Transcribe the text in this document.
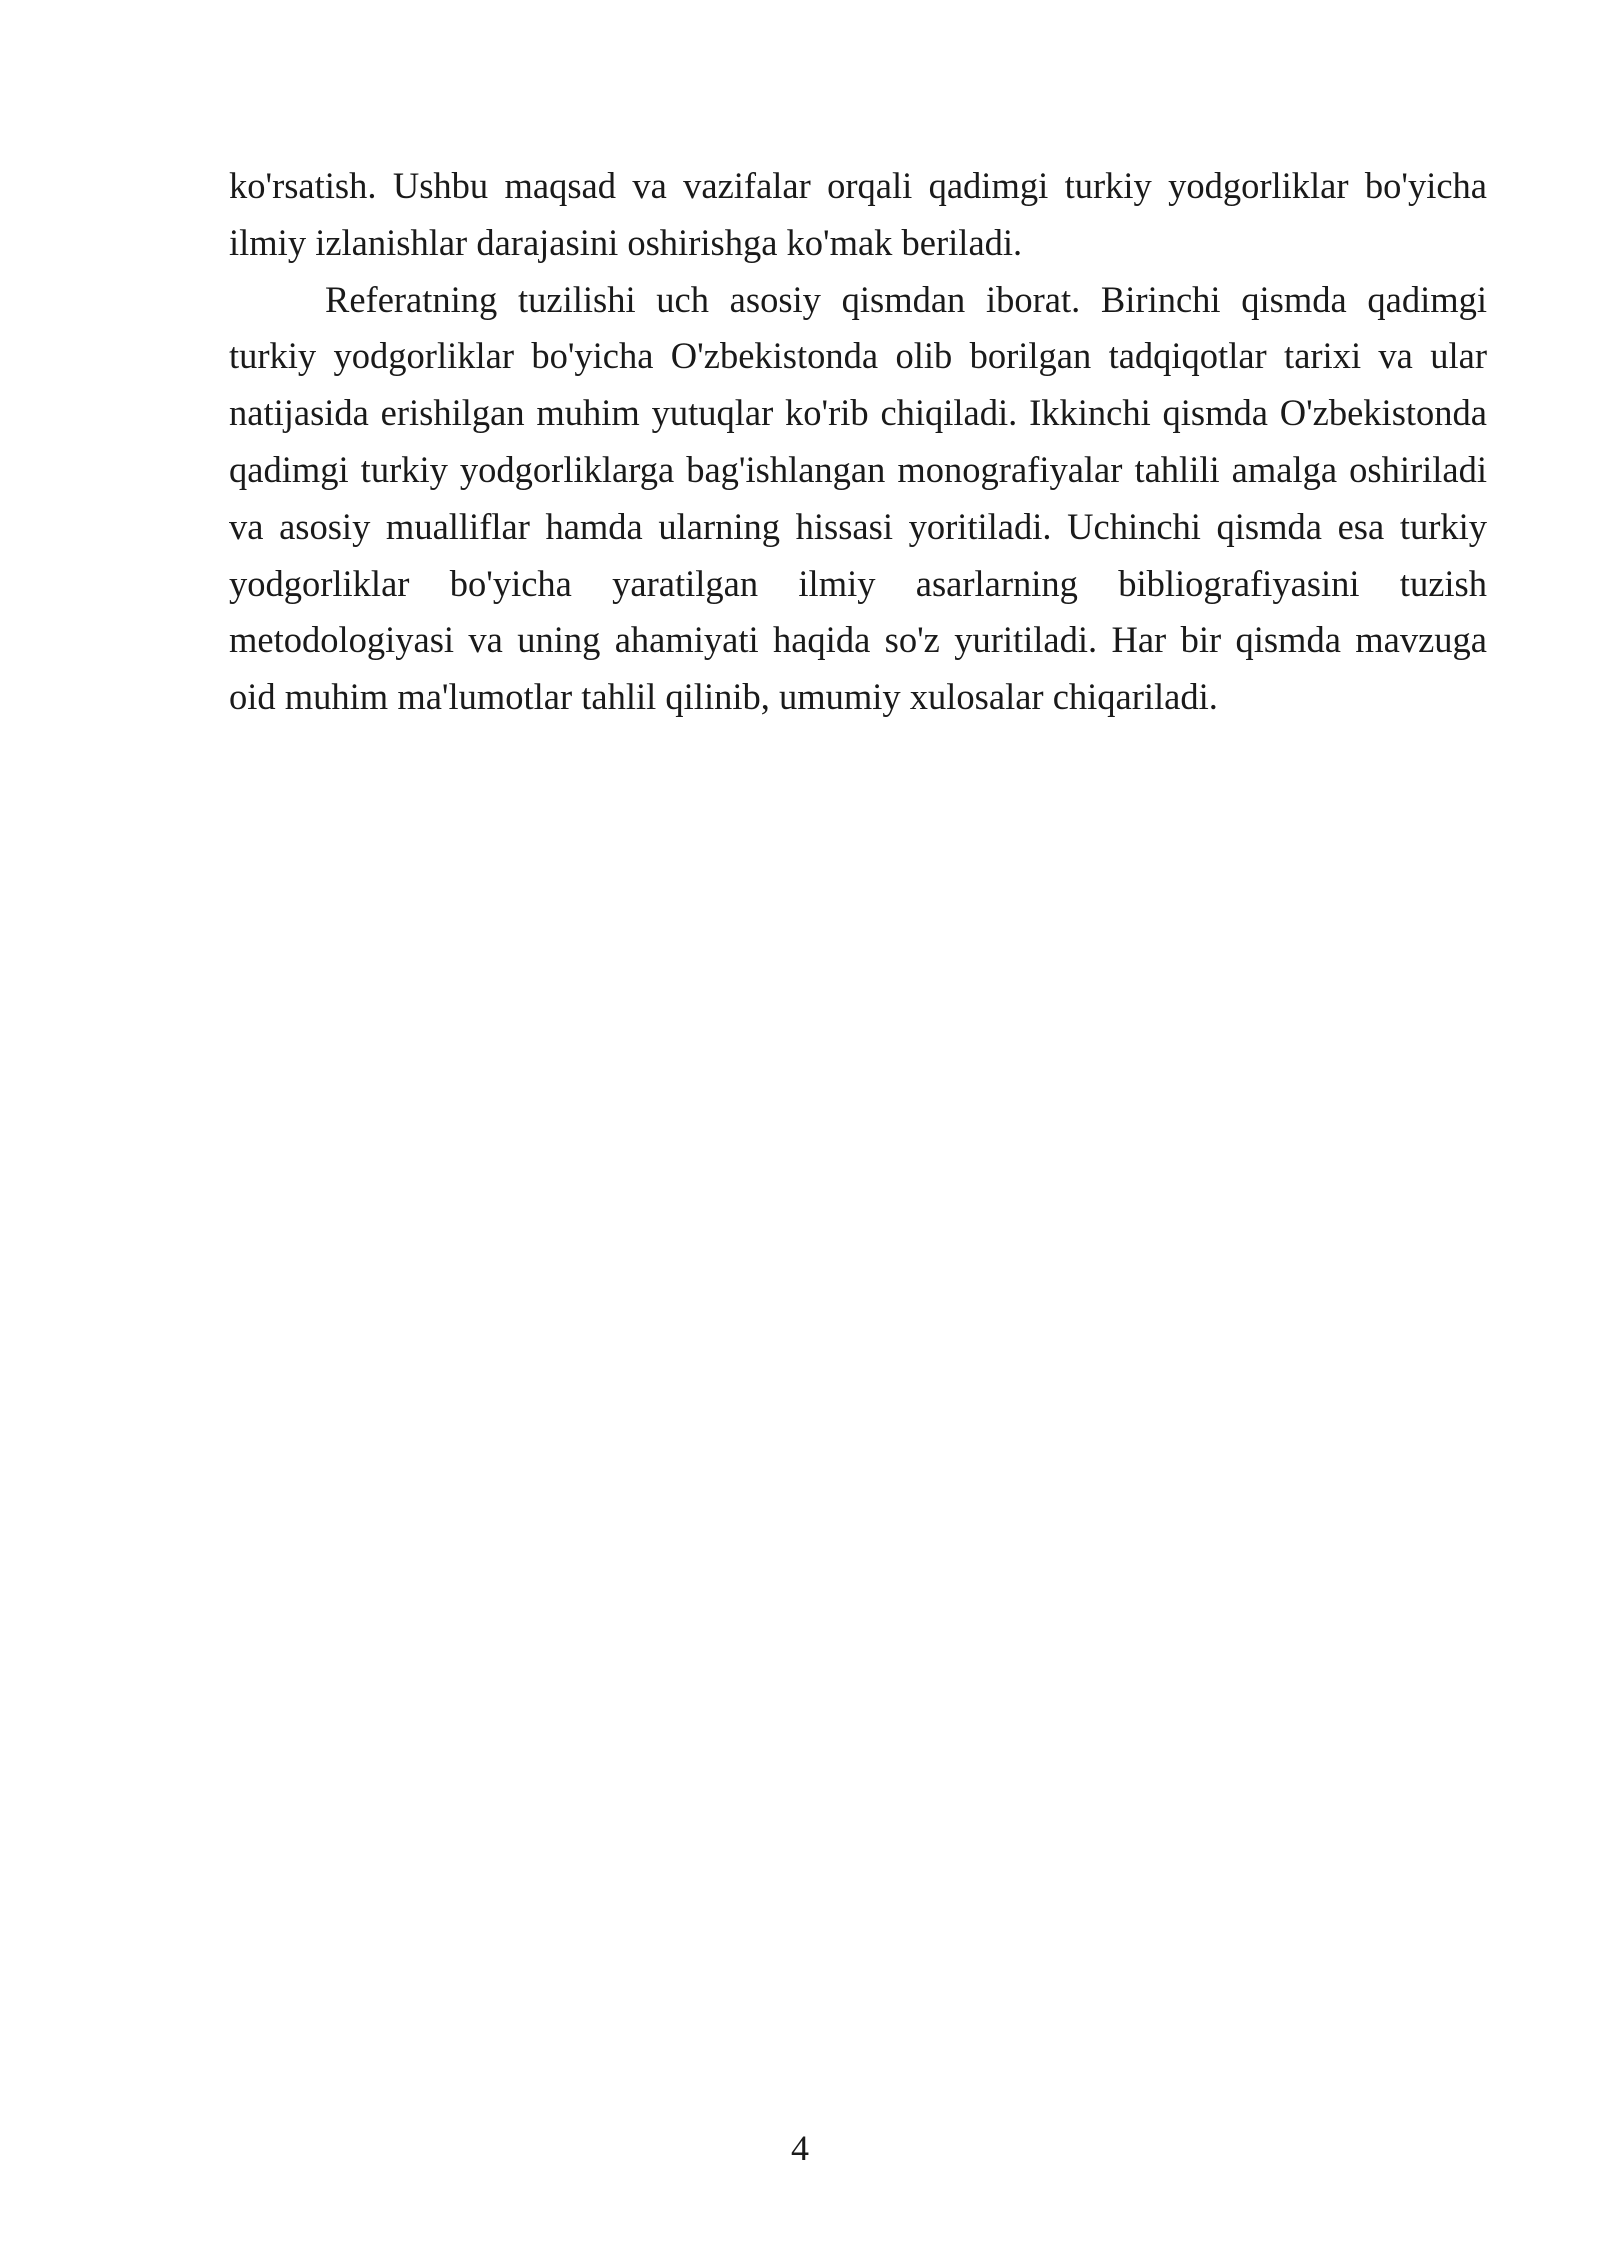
ko'rsatish. Ushbu maqsad va vazifalar orqali qadimgi turkiy yodgorliklar bo'yicha ilmiy izlanishlar darajasini oshirishga ko'mak beriladi.

Referatning tuzilishi uch asosiy qismdan iborat. Birinchi qismda qadimgi turkiy yodgorliklar bo'yicha O'zbekistonda olib borilgan tadqiqotlar tarixi va ular natijasida erishilgan muhim yutuqlar ko'rib chiqiladi. Ikkinchi qismda O'zbekistonda qadimgi turkiy yodgorliklarga bag'ishlangan monografiyalar tahlili amalga oshiriladi va asosiy mualliflar hamda ularning hissasi yoritiladi. Uchinchi qismda esa turkiy yodgorliklar bo'yicha yaratilgan ilmiy asarlarning bibliografiyasini tuzish metodologiyasi va uning ahamiyati haqida so'z yuritiladi. Har bir qismda mavzuga oid muhim ma'lumotlar tahlil qilinib, umumiy xulosalar chiqariladi.

4
